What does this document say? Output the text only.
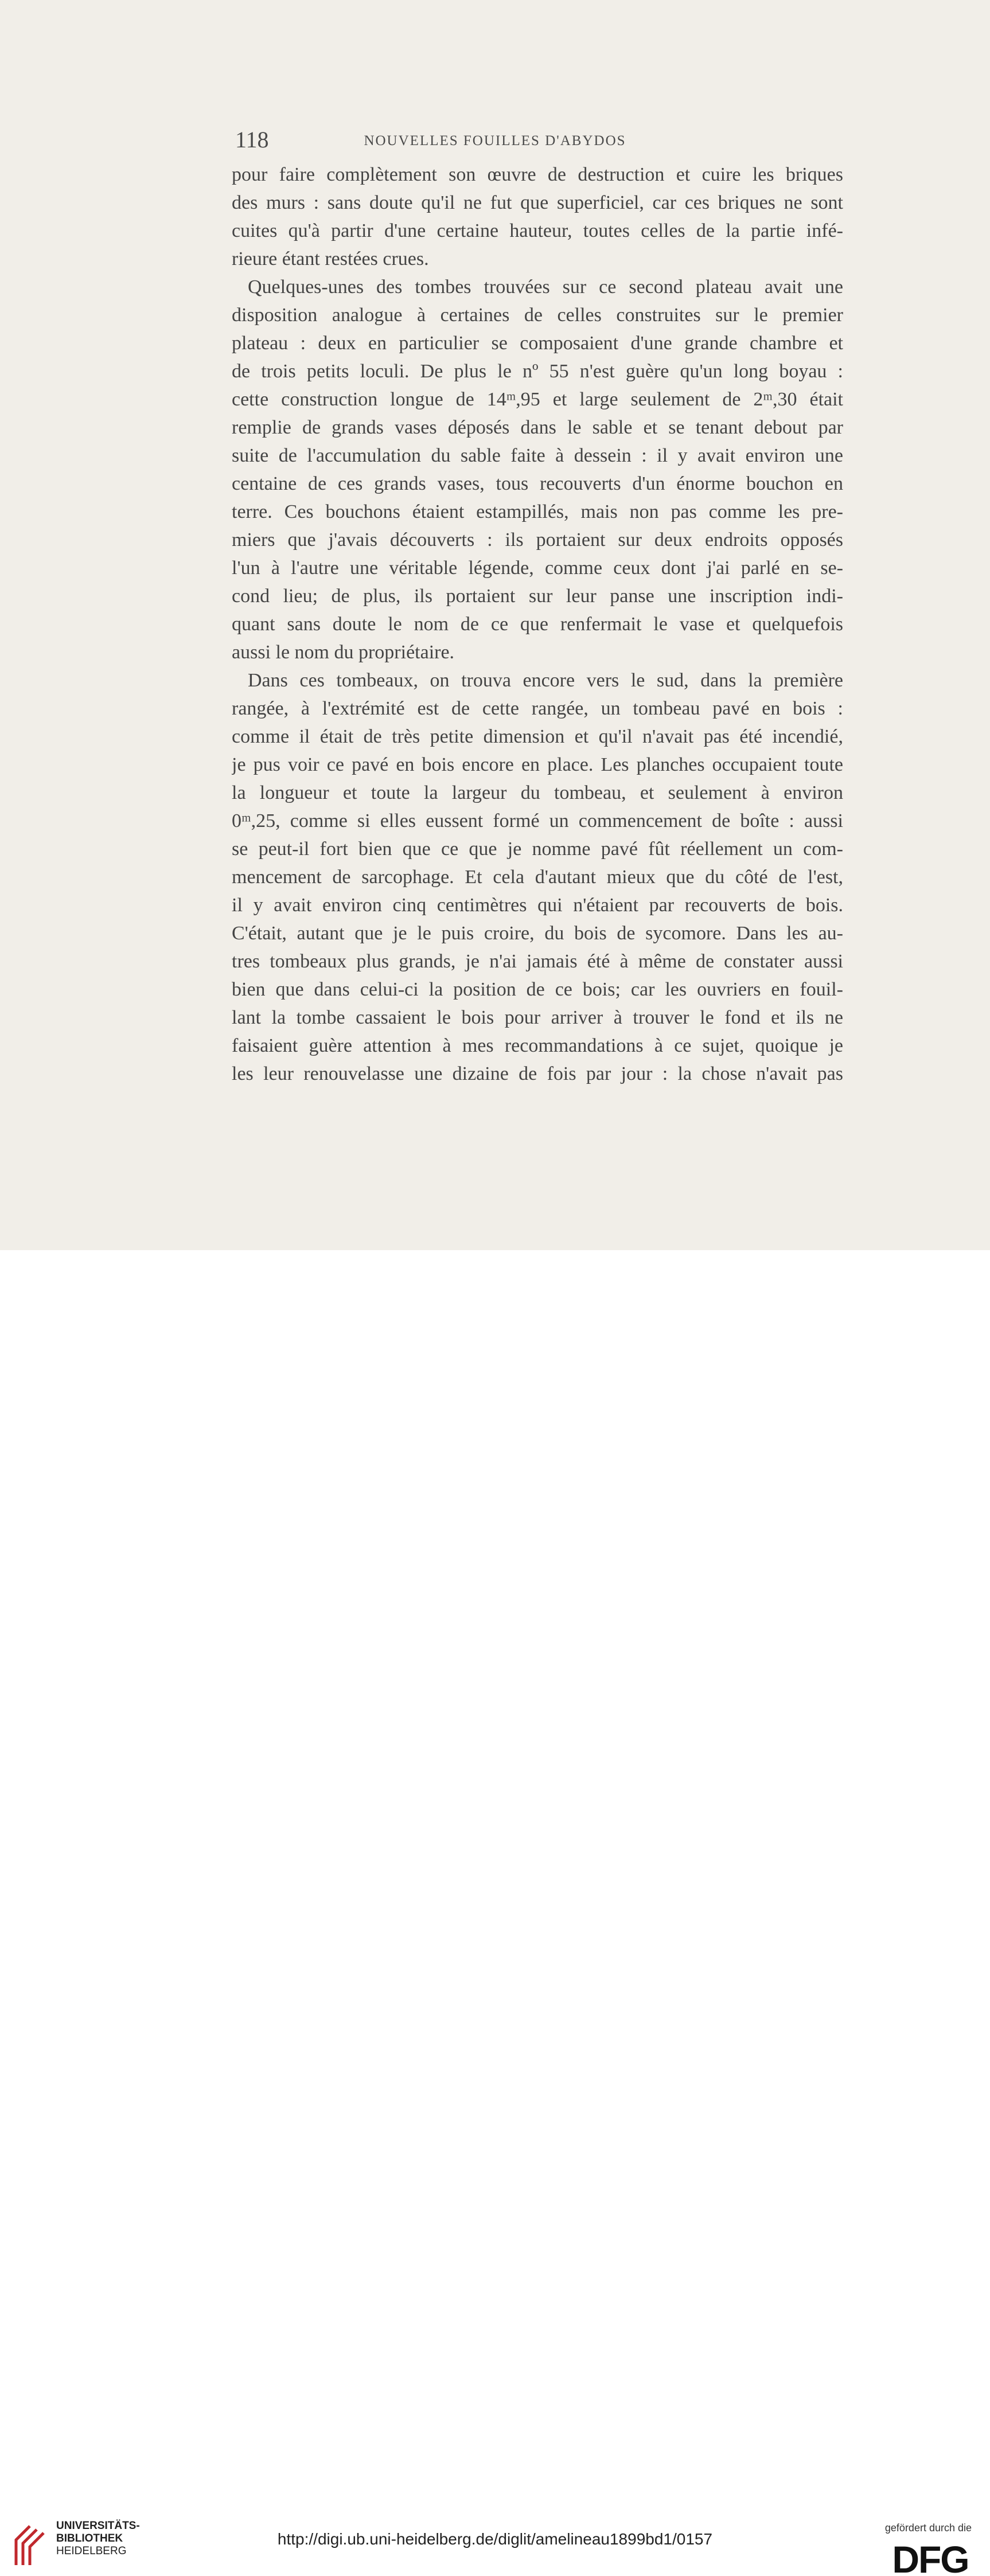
118	NOUVELLES FOUILLES D'ABYDOS
pour faire complètement son œuvre de destruction et cuire les briques
des murs : sans doute qu'il ne fut que superficiel, car ces briques ne sont
cuites qu'à partir d'une certaine hauteur, toutes celles de la partie infé-
rieure étant restées crues.
Quelques-unes des tombes trouvées sur ce second plateau avait une
disposition analogue à certaines de celles construites sur le premier
plateau : deux en particulier se composaient d'une grande chambre et
de trois petits loculi. De plus le nº 55 n'est guère qu'un long boyau :
cette construction longue de 14ᵐ,95 et large seulement de 2ᵐ,30 était
remplie de grands vases déposés dans le sable et se tenant debout par
suite de l'accumulation du sable faite à dessein : il y avait environ une
centaine de ces grands vases, tous recouverts d'un énorme bouchon en
terre. Ces bouchons étaient estampillés, mais non pas comme les pre-
miers que j'avais découverts : ils portaient sur deux endroits opposés
l'un à l'autre une véritable légende, comme ceux dont j'ai parlé en se-
cond lieu; de plus, ils portaient sur leur panse une inscription indi-
quant sans doute le nom de ce que renfermait le vase et quelquefois
aussi le nom du propriétaire.
Dans ces tombeaux, on trouva encore vers le sud, dans la première
rangée, à l'extrémité est de cette rangée, un tombeau pavé en bois :
comme il était de très petite dimension et qu'il n'avait pas été incendié,
je pus voir ce pavé en bois encore en place. Les planches occupaient toute
la longueur et toute la largeur du tombeau, et seulement à environ
0ᵐ,25, comme si elles eussent formé un commencement de boîte : aussi
se peut-il fort bien que ce que je nomme pavé fût réellement un com-
mencement de sarcophage. Et cela d'autant mieux que du côté de l'est,
il y avait environ cinq centimètres qui n'étaient par recouverts de bois.
C'était, autant que je le puis croire, du bois de sycomore. Dans les au-
tres tombeaux plus grands, je n'ai jamais été à même de constater aussi
bien que dans celui-ci la position de ce bois; car les ouvriers en fouil-
lant la tombe cassaient le bois pour arriver à trouver le fond et ils ne
faisaient guère attention à mes recommandations à ce sujet, quoique je
les leur renouvelasse une dizaine de fois par jour : la chose n'avait pas
UNIVERSITÄTS-
BIBLIOTHEK
HEIDELBERG
http://digi.ub.uni-heidelberg.de/diglit/amelineau1899bd1/0157
gefördert durch die
DFG
